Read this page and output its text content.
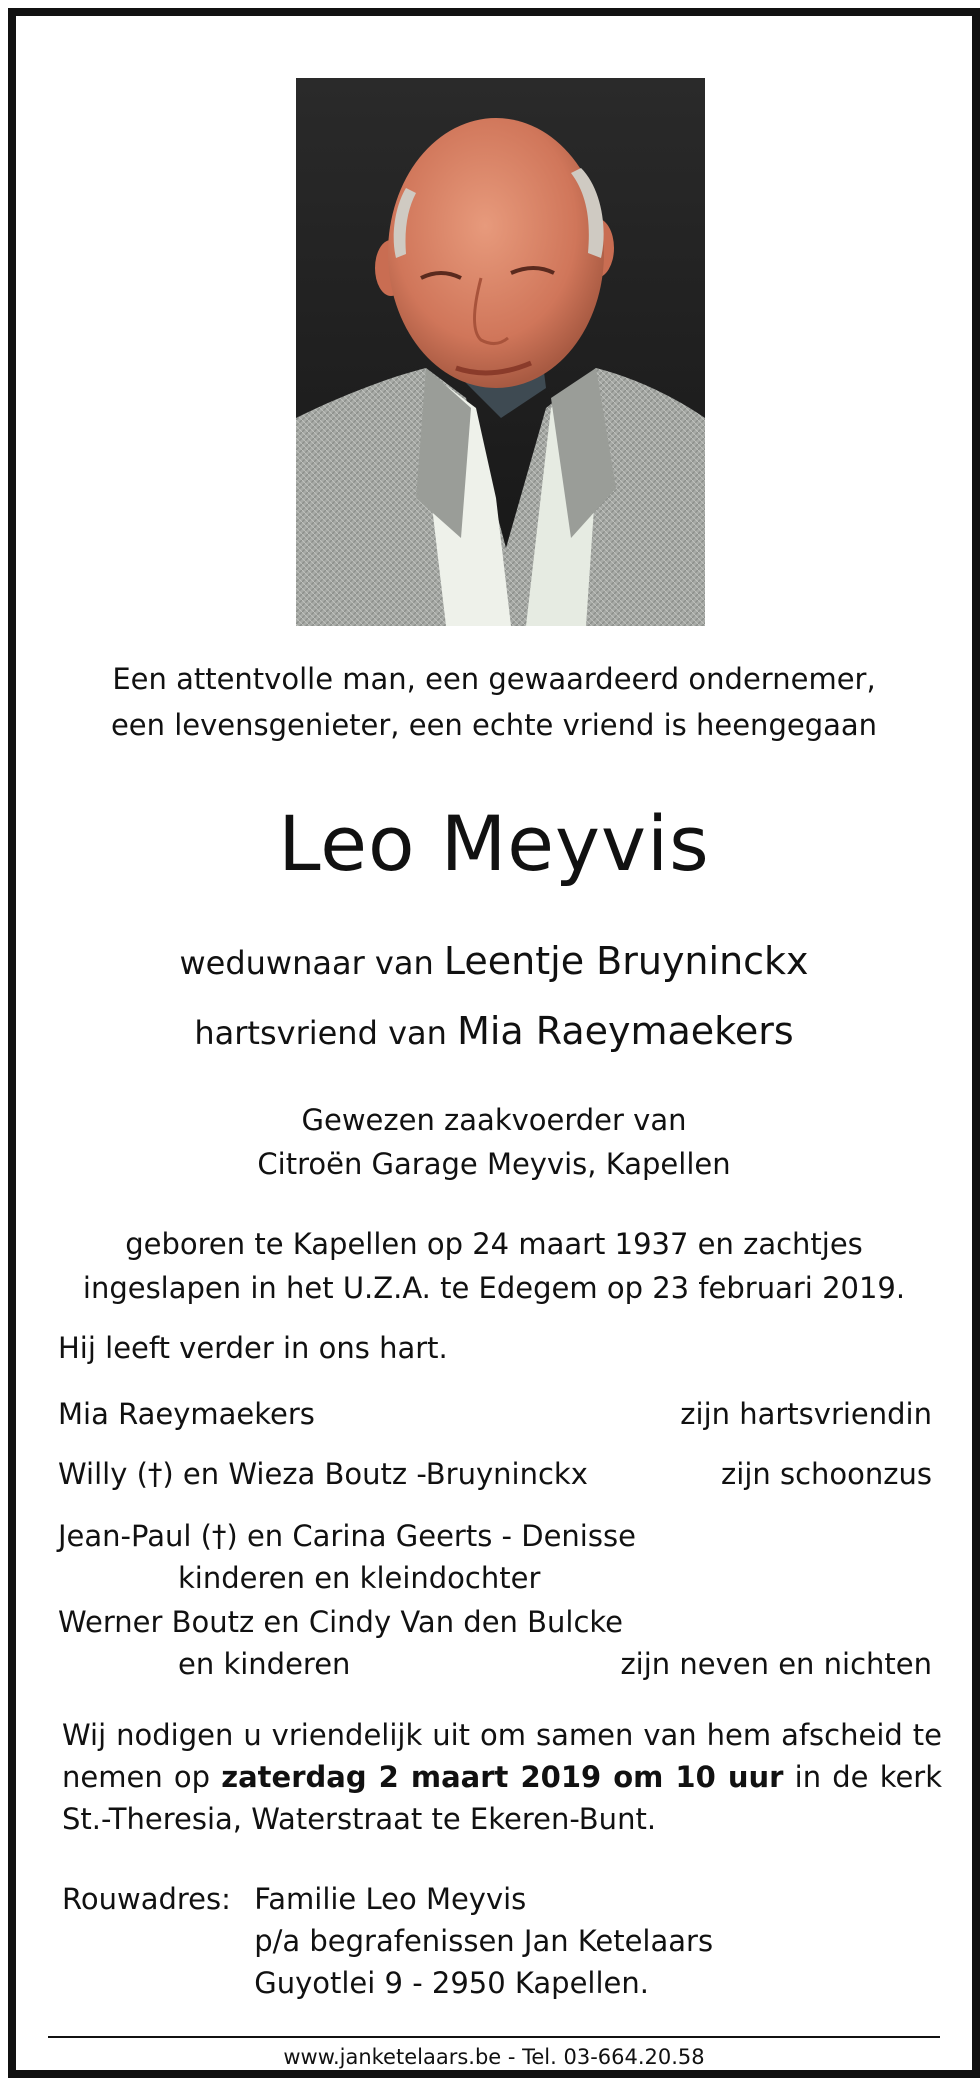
Een attentvolle man, een gewaardeerd ondernemer,
een levensgenieter, een echte vriend is heengegaan
Leo Meyvis
weduwnaar van Leentje Bruyninckx
hartsvriend van Mia Raeymaekers
Gewezen zaakvoerder van
Citroën Garage Meyvis, Kapellen
geboren te Kapellen op 24 maart 1937 en zachtjes
ingeslapen in het U.Z.A. te Edegem op 23 februari 2019.
Hij leeft verder in ons hart.
Mia Raeymaekers	zijn hartsvriendin
Willy (†) en Wieza Boutz -Bruyninckx	zijn schoonzus
Jean-Paul (†) en Carina Geerts - Denisse
kinderen en kleindochter
Werner Boutz en Cindy Van den Bulcke
en kinderen	zijn neven en nichten
Wij nodigen u vriendelijk uit om samen van hem afscheid te nemen op zaterdag 2 maart 2019 om 10 uur in de kerk St.-Theresia, Waterstraat te Ekeren-Bunt.
Rouwadres: Familie Leo Meyvis
p/a begrafenissen Jan Ketelaars
Guyotlei 9 - 2950 Kapellen.
www.janketelaars.be - Tel. 03-664.20.58
